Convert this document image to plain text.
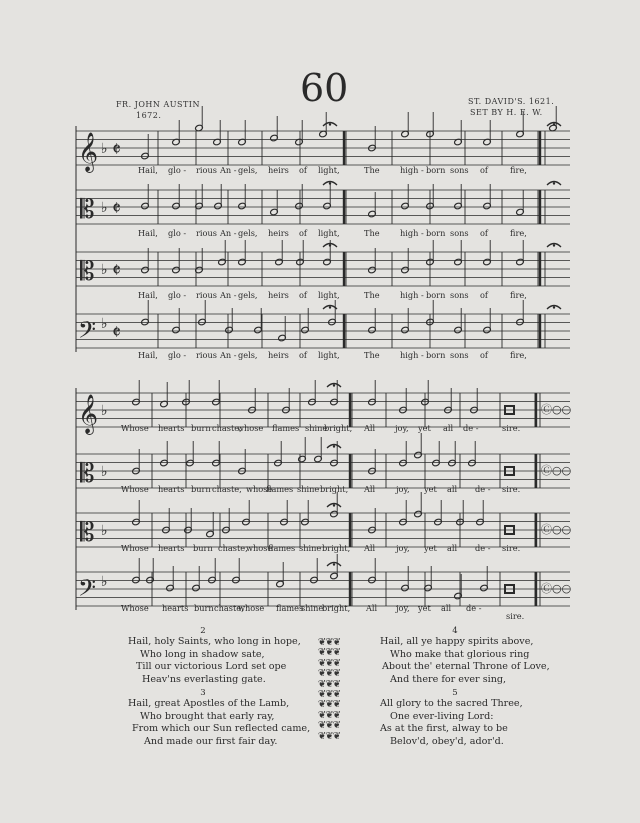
60
FR. JOHN AUSTIN
1672.
ST. DAVID'S. 1621.
SET BY H. E. W.
𝄞 ♭ 𝄵
𝄡 ♭ 𝄵
𝄡 ♭ 𝄵
𝄢 ♭ 𝄵
𝄞 ♭	Ⓒ○○
𝄡 ♭	Ⓒ○○
𝄡 ♭	Ⓒ○○
𝄢 ♭	Ⓒ○○
Hail, glo - rious An - gels, heirs of light,	The high - born sons of	fire,
Hail, glo - rious An - gels, heirs of light,	The high - born sons of	fire,
Hail, glo - rious An - gels, heirs of light,	The high - born sons of	fire,
Hail, glo - rious An - gels, heirs of light,	The high - born sons of	fire,
Whose hearts burn chaste,
whose flames shine
bright, All joy, yet all de -	sire.
Whose hearts burn chaste, whose
flames shine bright, All	joy, yet all de - sire.
Whose hearts burn chaste,
whose
flames shine bright, All	joy, yet all de - sire.
Whose hearts burn chaste,
whose flames
shine
bright, All joy, yet all de -
sire.
2
Hail, holy Saints, who long in hope,
Who long in shadow sate,
Till our victorious Lord set ope
Heav'ns everlasting gate.
3
Hail, great Apostles of the Lamb,
Who brought that early ray,
From which our Sun reflected came,
And made our first fair day.
4
Hail, all ye happy spirits above,
Who make that glorious ring
About the' eternal Throne of Love,
And there for ever sing,
5
All glory to the sacred Three,
One ever-living Lord:
As at the first, alway to be
Belov'd, obey'd, ador'd.
❦❦❦
❦❦❦
❦❦❦
❦❦❦
❦❦❦
❦❦❦
❦❦❦
❦❦❦
❦❦❦
❦❦❦
